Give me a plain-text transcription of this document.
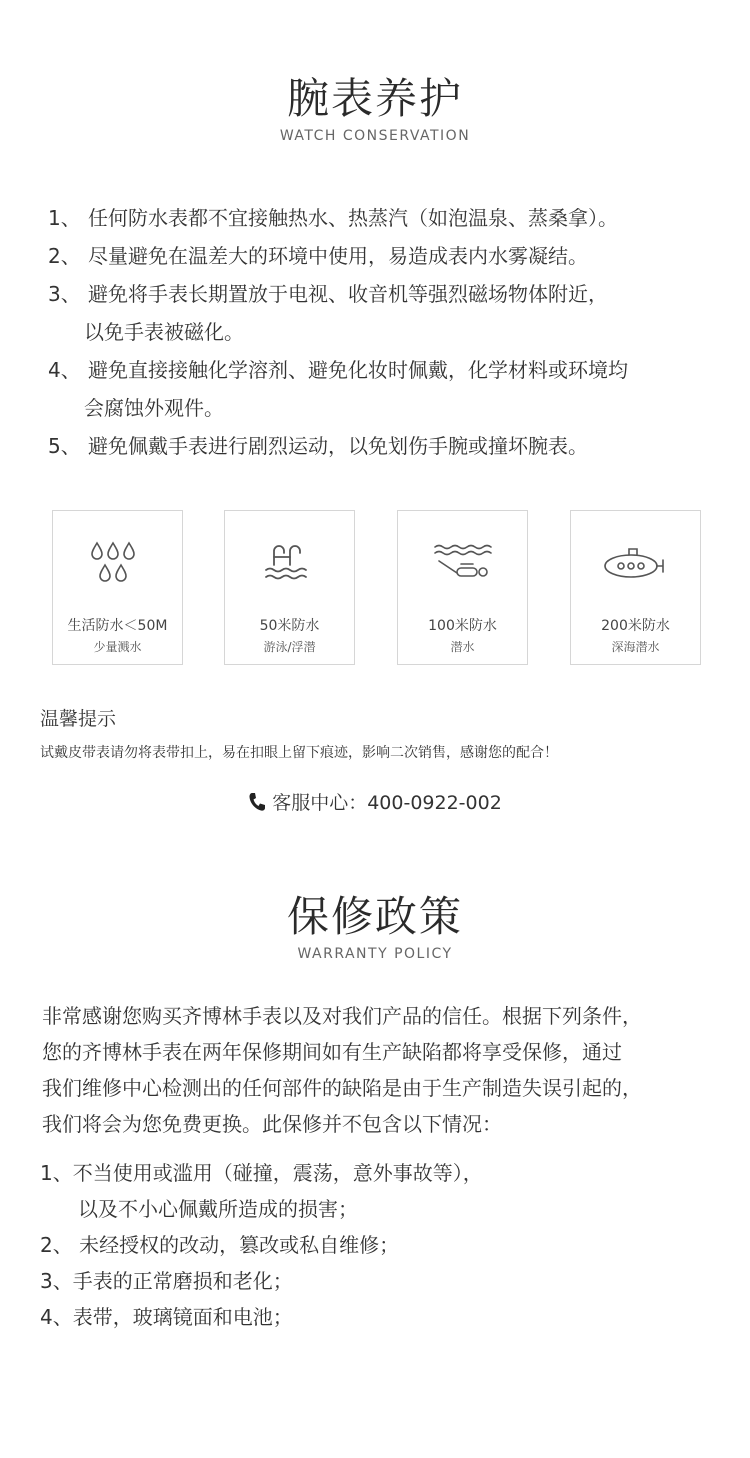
腕表养护
WATCH CONSERVATION
1、 任何防水表都不宜接触热水、热蒸汽（如泡温泉、蒸桑拿）。
2、 尽量避免在温差大的环境中使用，易造成表内水雾凝结。
3、 避免将手表长期置放于电视、收音机等强烈磁场物体附近，
以免手表被磁化。
4、 避免直接接触化学溶剂、避免化妆时佩戴，化学材料或环境均
会腐蚀外观件。
5、 避免佩戴手表进行剧烈运动，以免划伤手腕或撞坏腕表。
生活防水＜50M
少量溅水
50米防水
游泳/浮潜
100米防水
潜水
200米防水
深海潜水
温馨提示
试戴皮带表请勿将表带扣上，易在扣眼上留下痕迹，影响二次销售，感谢您的配合！
客服中心：400-0922-002
保修政策
WARRANTY POLICY
非常感谢您购买齐博林手表以及对我们产品的信任。根据下列条件，
您的齐博林手表在两年保修期间如有生产缺陷都将享受保修，通过
我们维修中心检测出的任何部件的缺陷是由于生产制造失误引起的，
我们将会为您免费更换。此保修并不包含以下情况：
1、不当使用或滥用（碰撞，震荡，意外事故等），
以及不小心佩戴所造成的损害；
2、 未经授权的改动，篡改或私自维修；
3、手表的正常磨损和老化；
4、表带，玻璃镜面和电池；
